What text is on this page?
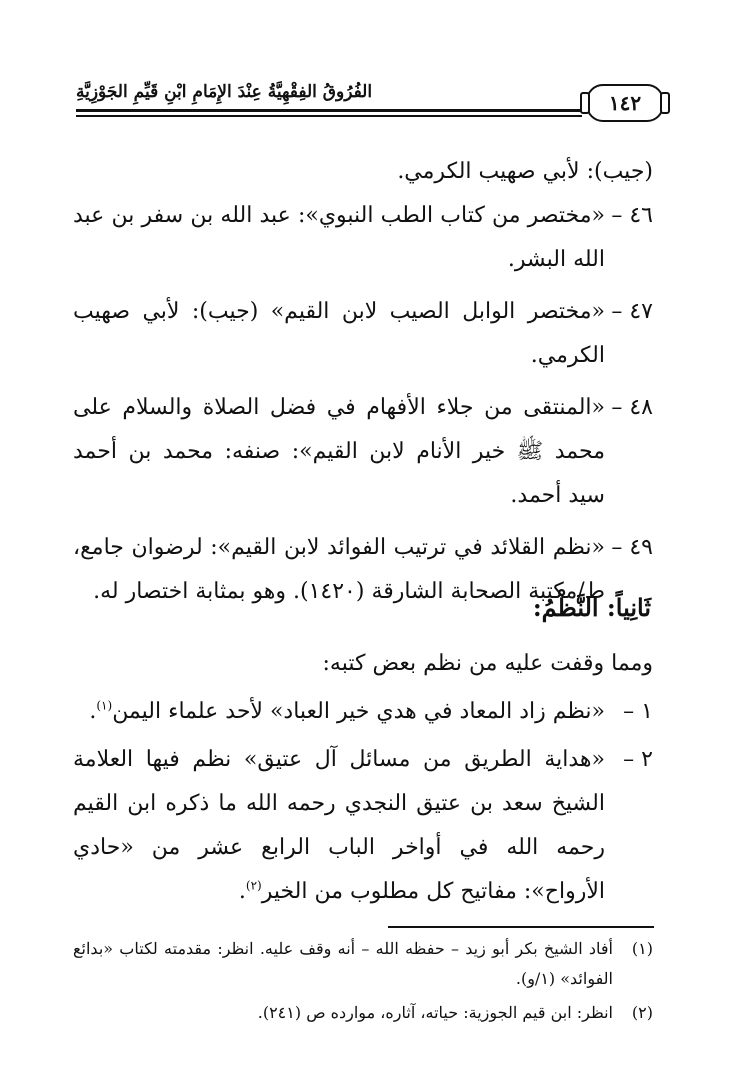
الفُرُوقُ الفِقْهِيَّةُ عِنْدَ الإِمَامِ ابْنِ قَيِّمِ الجَوْزِيَّةِ	١٤٢

(جيب): لأبي صهيب الكرمي.

٤٦ –
«مختصر من كتاب الطب النبوي»: عبد الله بن سفر بن عبد الله البشر.

٤٧ –
«مختصر الوابل الصيب لابن القيم» (جيب): لأبي صهيب الكرمي.

٤٨ –
«المنتقى من جلاء الأفهام في فضل الصلاة والسلام على محمد ﷺ خير الأنام لابن القيم»: صنفه: محمد بن أحمد سيد أحمد.

٤٩ –
«نظم القلائد في ترتيب الفوائد لابن القيم»: لرضوان جامع، ط/مكتبة الصحابة الشارقة (١٤٢٠). وهو بمثابة اختصار له.

ثَانِياً: النَّظْمُ:

ومما وقفت عليه من نظم بعض كتبه:

١ –
«نظم زاد المعاد في هدي خير العباد» لأحد علماء اليمن$^{(١)}$.

٢ –
«هداية الطريق من مسائل آل عتيق» نظم فيها العلامة الشيخ سعد بن عتيق النجدي رحمه الله ما ذكره ابن القيم رحمه الله في أواخر الباب الرابع عشر من «حادي الأرواح»: مفاتيح كل مطلوب من الخير$^{(٢)}$.

(١)
أفاد الشيخ بكر أبو زيد – حفظه الله – أنه وقف عليه. انظر: مقدمته لكتاب «بدائع الفوائد» (١/و).

(٢)
انظر: ابن قيم الجوزية: حياته، آثاره، موارده ص (٢٤١).
